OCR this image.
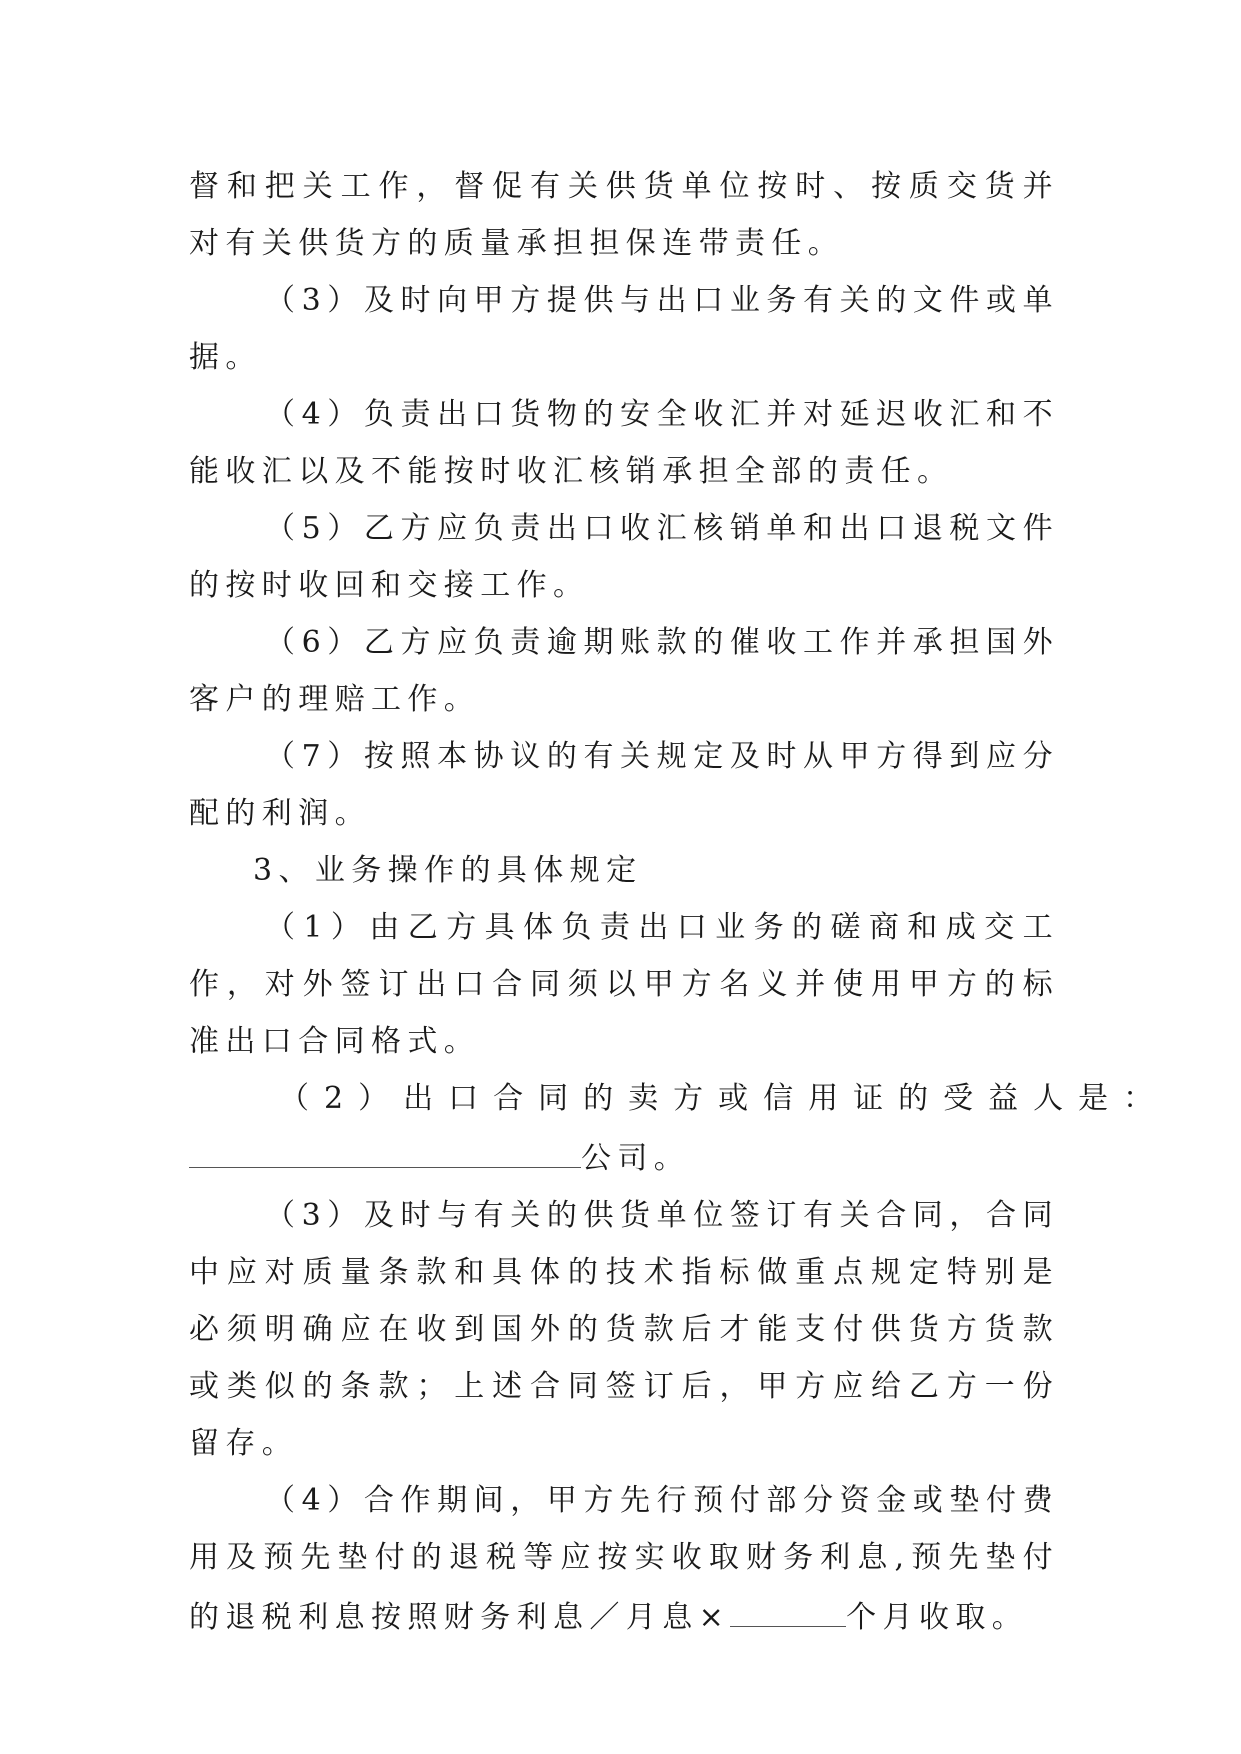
督和把关工作，督促有关供货单位按时、按质交货并对有关供货方的质量承担担保连带责任。

（3）及时向甲方提供与出口业务有关的文件或单据。

（4）负责出口货物的安全收汇并对延迟收汇和不能收汇以及不能按时收汇核销承担全部的责任。

（5）乙方应负责出口收汇核销单和出口退税文件的按时收回和交接工作。

（6）乙方应负责逾期账款的催收工作并承担国外客户的理赔工作。

（7）按照本协议的有关规定及时从甲方得到应分配的利润。

3、业务操作的具体规定

（1）由乙方具体负责出口业务的磋商和成交工作，对外签订出口合同须以甲方名义并使用甲方的标准出口合同格式。

（2）出口合同的卖方或信用证的受益人是：

公司。

（3）及时与有关的供货单位签订有关合同，合同中应对质量条款和具体的技术指标做重点规定特别是必须明确应在收到国外的货款后才能支付供货方货款或类似的条款；上述合同签订后，甲方应给乙方一份留存。

（4）合作期间，甲方先行预付部分资金或垫付费用及预先垫付的退税等应按实收取财务利息,预先垫付的退税利息按照财务利息／月息×	个月收取。
